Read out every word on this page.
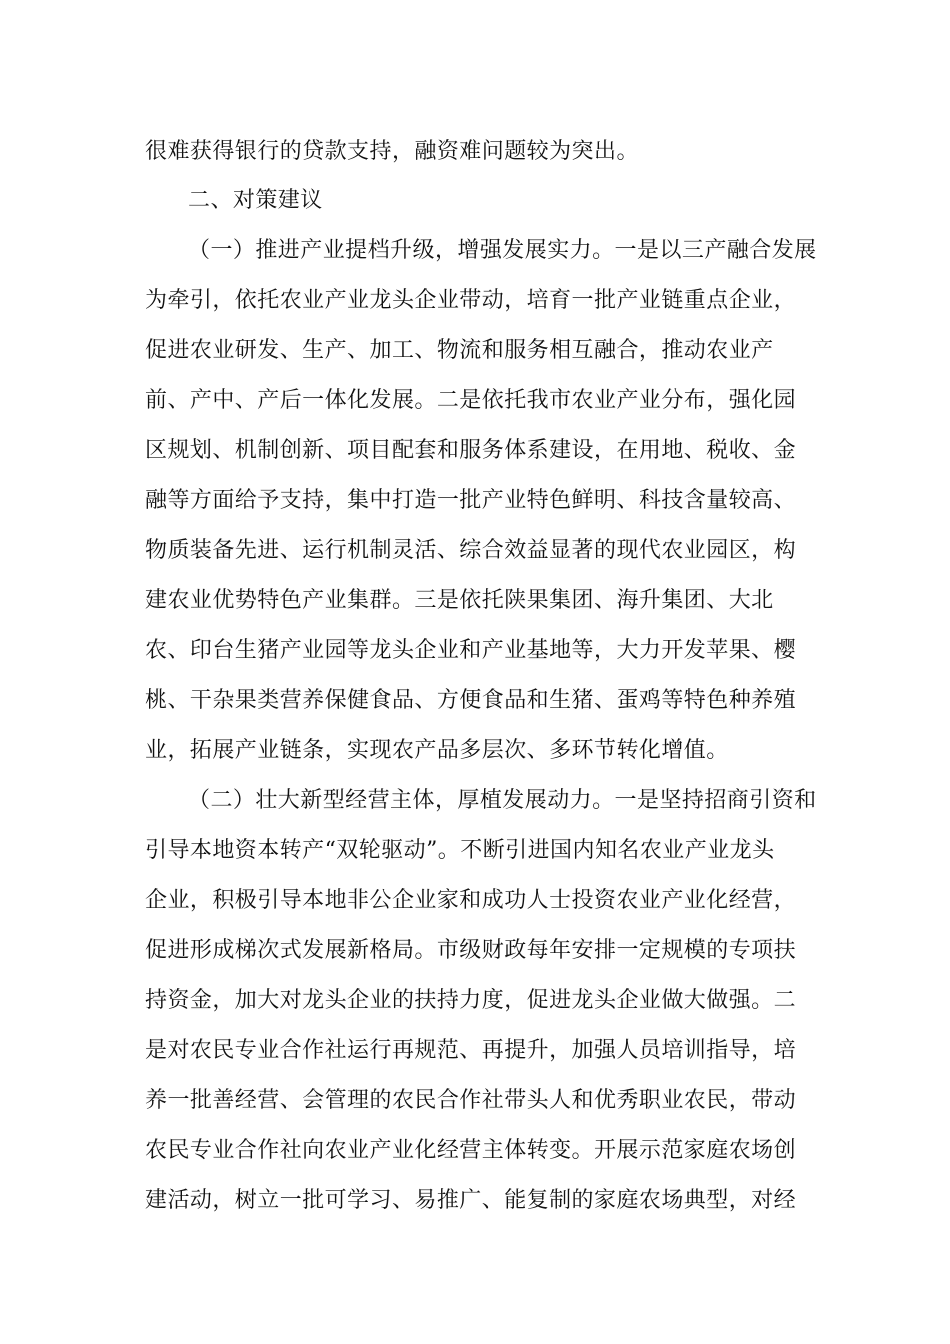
很难获得银行的贷款支持，融资难问题较为突出。
二、对策建议
（一）推进产业提档升级，增强发展实力。一是以三产融合发展
为牵引，依托农业产业龙头企业带动，培育一批产业链重点企业，
促进农业研发、生产、加工、物流和服务相互融合，推动农业产
前、产中、产后一体化发展。二是依托我市农业产业分布，强化园
区规划、机制创新、项目配套和服务体系建设，在用地、税收、金
融等方面给予支持，集中打造一批产业特色鲜明、科技含量较高、
物质装备先进、运行机制灵活、综合效益显著的现代农业园区，构
建农业优势特色产业集群。三是依托陕果集团、海升集团、大北
农、印台生猪产业园等龙头企业和产业基地等，大力开发苹果、樱
桃、干杂果类营养保健食品、方便食品和生猪、蛋鸡等特色种养殖
业，拓展产业链条，实现农产品多层次、多环节转化增值。
（二）壮大新型经营主体，厚植发展动力。一是坚持招商引资和
引导本地资本转产“双轮驱动”。不断引进国内知名农业产业龙头
企业，积极引导本地非公企业家和成功人士投资农业产业化经营，
促进形成梯次式发展新格局。市级财政每年安排一定规模的专项扶
持资金，加大对龙头企业的扶持力度，促进龙头企业做大做强。二
是对农民专业合作社运行再规范、再提升，加强人员培训指导，培
养一批善经营、会管理的农民合作社带头人和优秀职业农民，带动
农民专业合作社向农业产业化经营主体转变。开展示范家庭农场创
建活动，树立一批可学习、易推广、能复制的家庭农场典型，对经
